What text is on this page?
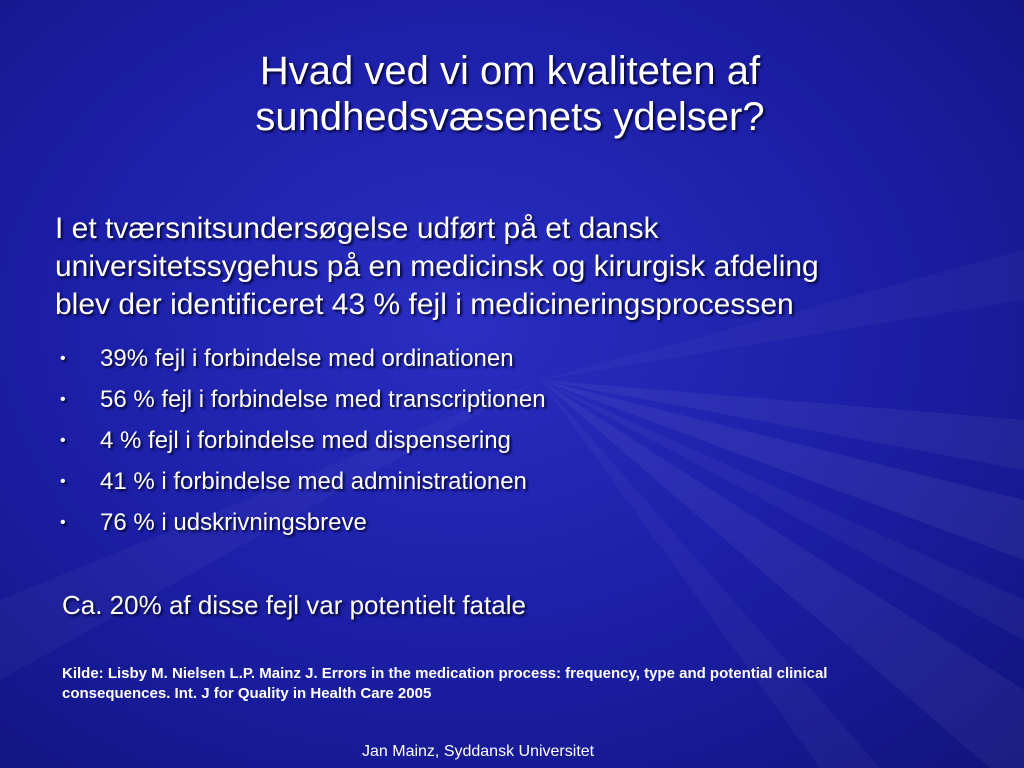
Hvad ved vi om kvaliteten af
sundhedsvæsenets ydelser?
I et tværsnitsundersøgelse udført på et dansk
universitetssygehus på en medicinsk og kirurgisk afdeling
blev der identificeret 43 % fejl i medicineringsprocessen
• 39% fejl i forbindelse med ordinationen
• 56 % fejl i forbindelse med transcriptionen
• 4 % fejl i forbindelse med dispensering
• 41 % i forbindelse med administrationen
• 76 % i udskrivningsbreve
Ca. 20% af disse fejl var potentielt fatale
Kilde: Lisby M. Nielsen L.P. Mainz J. Errors in the medication process: frequency, type and potential clinical
consequences. Int. J for Quality in Health Care 2005
Jan Mainz, Syddansk Universitet
